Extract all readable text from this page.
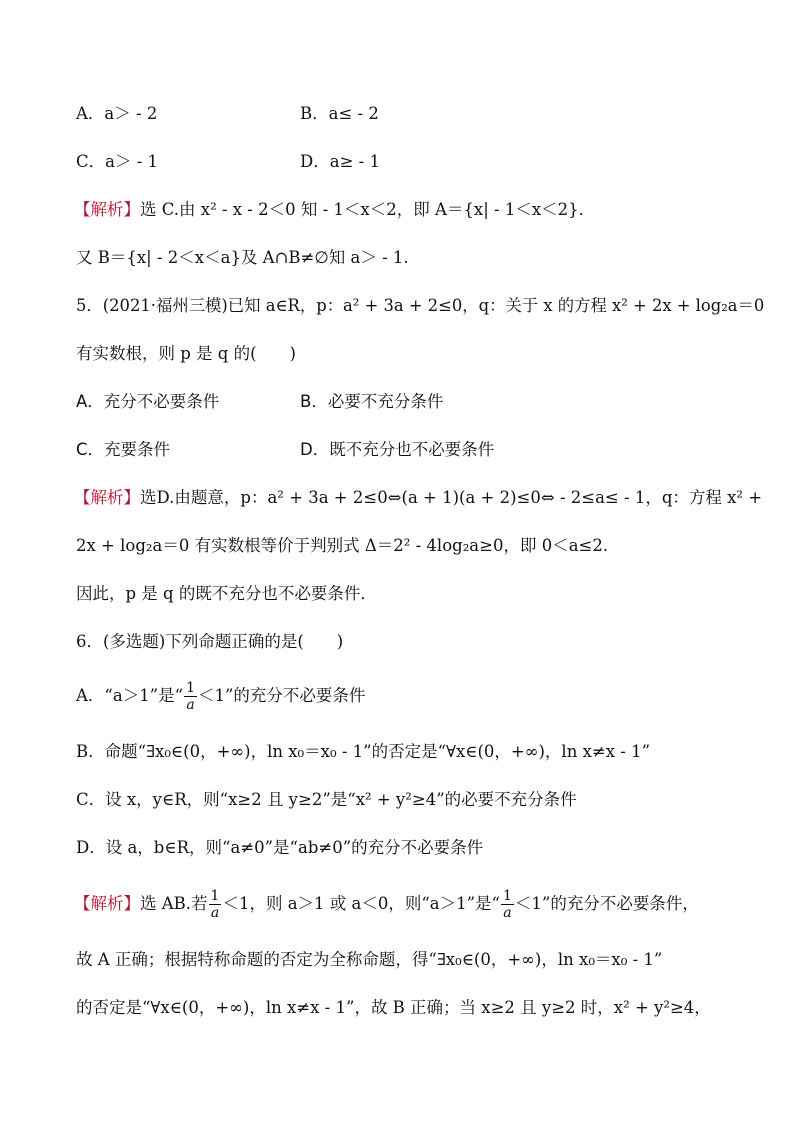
A．a＞ - 2	B．a≤ - 2
C．a＞ - 1	D．a≥ - 1
【解析】选 C.由 x² - x - 2＜0 知 - 1＜x＜2，即 A＝{x| - 1＜x＜2}．
又 B＝{x| - 2＜x＜a}及 A∩B≠∅知 a＞ - 1.
5．(2021·福州三模)已知 a∈R，p：a² + 3a + 2≤0，q：关于 x 的方程 x² + 2x + log₂a＝0
有实数根，则 p 是 q 的(　　)
A．充分不必要条件	B．必要不充分条件
C．充要条件	D．既不充分也不必要条件
【解析】选D.由题意，p：a² + 3a + 2≤0⇔(a + 1)(a + 2)≤0⇔ - 2≤a≤ - 1，q：方程 x² +
2x + log₂a＝0 有实数根等价于判别式 Δ＝2² - 4log₂a≥0，即 0＜a≤2.
因此，p 是 q 的既不充分也不必要条件．
6．(多选题)下列命题正确的是(　　)
A．“a＞1”是“ $\frac{1}{a} <1$”的充分不必要条件
B．命题“∃x₀∈(0，+∞)，ln x₀＝x₀ - 1”的否定是“∀x∈(0，+∞)，ln x≠x - 1”
C．设 x，y∈R，则“x≥2 且 y≥2”是“x² + y²≥4”的必要不充分条件
D．设 a，b∈R，则“a≠0”是“ab≠0”的充分不必要条件
【解析】选 AB.若 $\frac{1}{a} <1$，则 a＞1 或 a＜0，则“a＞1”是“ $\frac{1}{a} <1$”的充分不必要条件，
故 A 正确；根据特称命题的否定为全称命题，得“∃x₀∈(0，+∞)，ln x₀＝x₀ - 1”
的否定是“∀x∈(0，+∞)，ln x≠x - 1”，故 B 正确；当 x≥2 且 y≥2 时，x² + y²≥4，
